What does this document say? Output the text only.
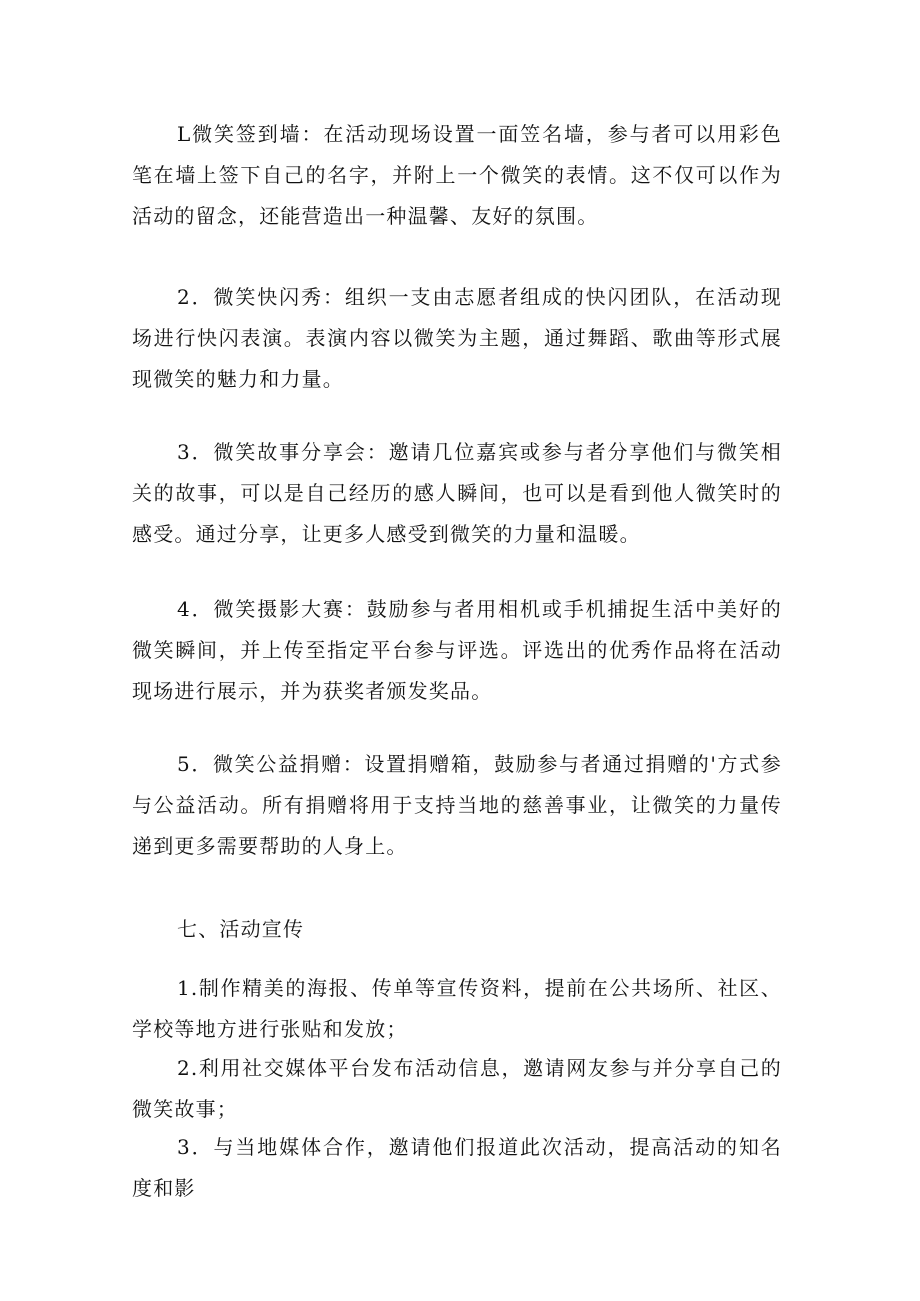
L微笑签到墙：在活动现场设置一面笠名墙，参与者可以用彩色笔在墙上签下自己的名字，并附上一个微笑的表情。这不仅可以作为活动的留念，还能营造出一种温馨、友好的氛围。

2．微笑快闪秀：组织一支由志愿者组成的快闪团队，在活动现场进行快闪表演。表演内容以微笑为主题，通过舞蹈、歌曲等形式展现微笑的魅力和力量。

3．微笑故事分享会：邀请几位嘉宾或参与者分享他们与微笑相关的故事，可以是自己经历的感人瞬间，也可以是看到他人微笑时的感受。通过分享，让更多人感受到微笑的力量和温暖。

4．微笑摄影大赛：鼓励参与者用相机或手机捕捉生活中美好的微笑瞬间，并上传至指定平台参与评选。评选出的优秀作品将在活动现场进行展示，并为获奖者颁发奖品。

5．微笑公益捐赠：设置捐赠箱，鼓励参与者通过捐赠的'方式参与公益活动。所有捐赠将用于支持当地的慈善事业，让微笑的力量传递到更多需要帮助的人身上。

七、活动宣传

1.制作精美的海报、传单等宣传资料，提前在公共场所、社区、学校等地方进行张贴和发放；

2.利用社交媒体平台发布活动信息，邀请网友参与并分享自己的微笑故事；

3．与当地媒体合作，邀请他们报道此次活动，提高活动的知名度和影
